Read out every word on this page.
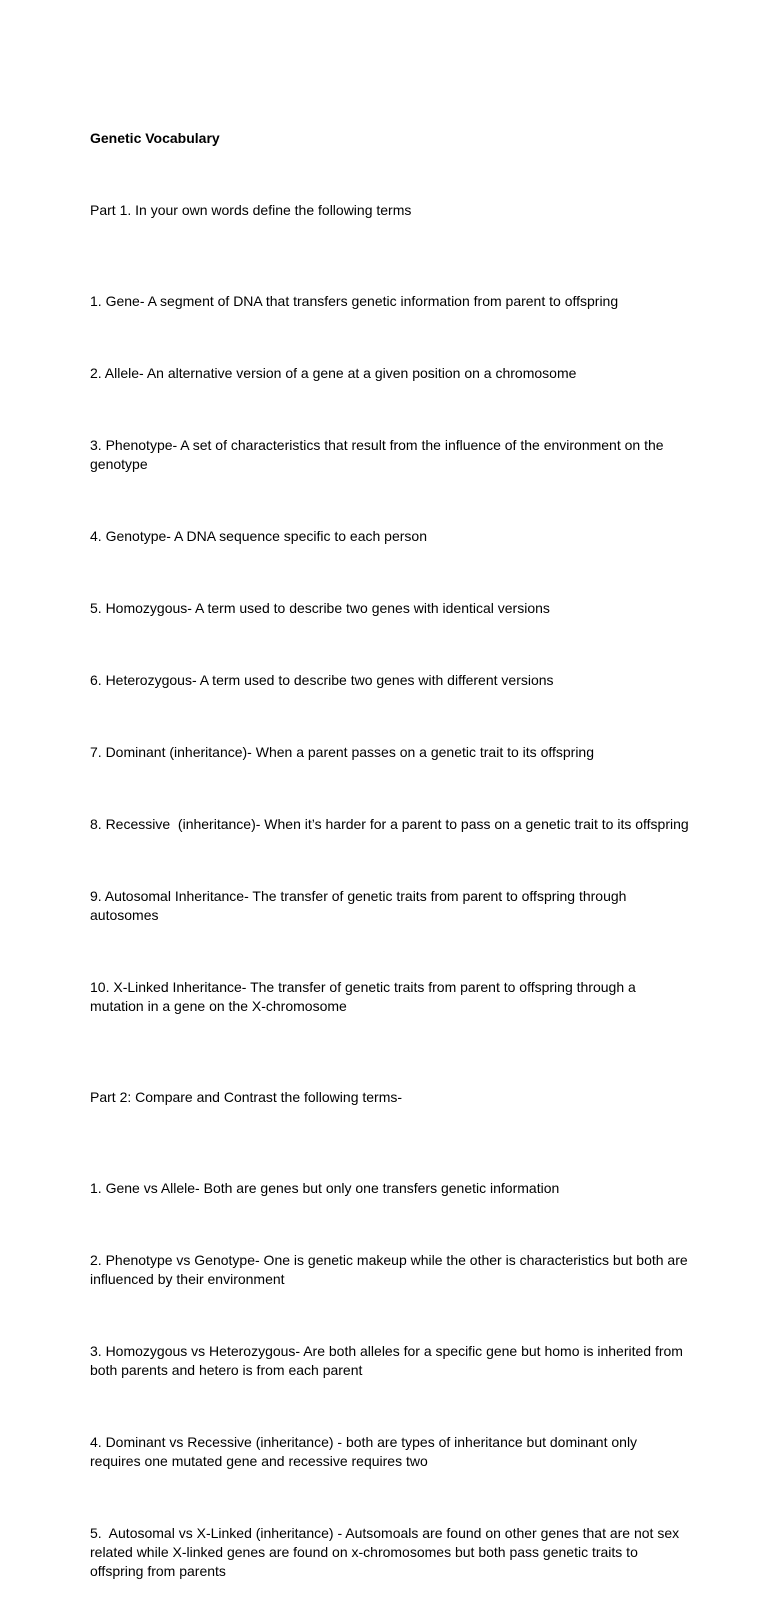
Genetic Vocabulary

Part 1. In your own words define the following terms

1. Gene- A segment of DNA that transfers genetic information from parent to offspring

2. Allele- An alternative version of a gene at a given position on a chromosome

3. Phenotype- A set of characteristics that result from the influence of the environment on the genotype

4. Genotype- A DNA sequence specific to each person

5. Homozygous- A term used to describe two genes with identical versions

6. Heterozygous- A term used to describe two genes with different versions

7. Dominant (inheritance)- When a parent passes on a genetic trait to its offspring

8. Recessive  (inheritance)- When it’s harder for a parent to pass on a genetic trait to its offspring

9. Autosomal Inheritance- The transfer of genetic traits from parent to offspring through autosomes

10. X-Linked Inheritance- The transfer of genetic traits from parent to offspring through a mutation in a gene on the X-chromosome

Part 2: Compare and Contrast the following terms-

1. Gene vs Allele- Both are genes but only one transfers genetic information

2. Phenotype vs Genotype- One is genetic makeup while the other is characteristics but both are influenced by their environment

3. Homozygous vs Heterozygous- Are both alleles for a specific gene but homo is inherited from both parents and hetero is from each parent

4. Dominant vs Recessive (inheritance) - both are types of inheritance but dominant only requires one mutated gene and recessive requires two

5.  Autosomal vs X-Linked (inheritance) - Autsomoals are found on other genes that are not sex related while X-linked genes are found on x-chromosomes but both pass genetic traits to offspring from parents
